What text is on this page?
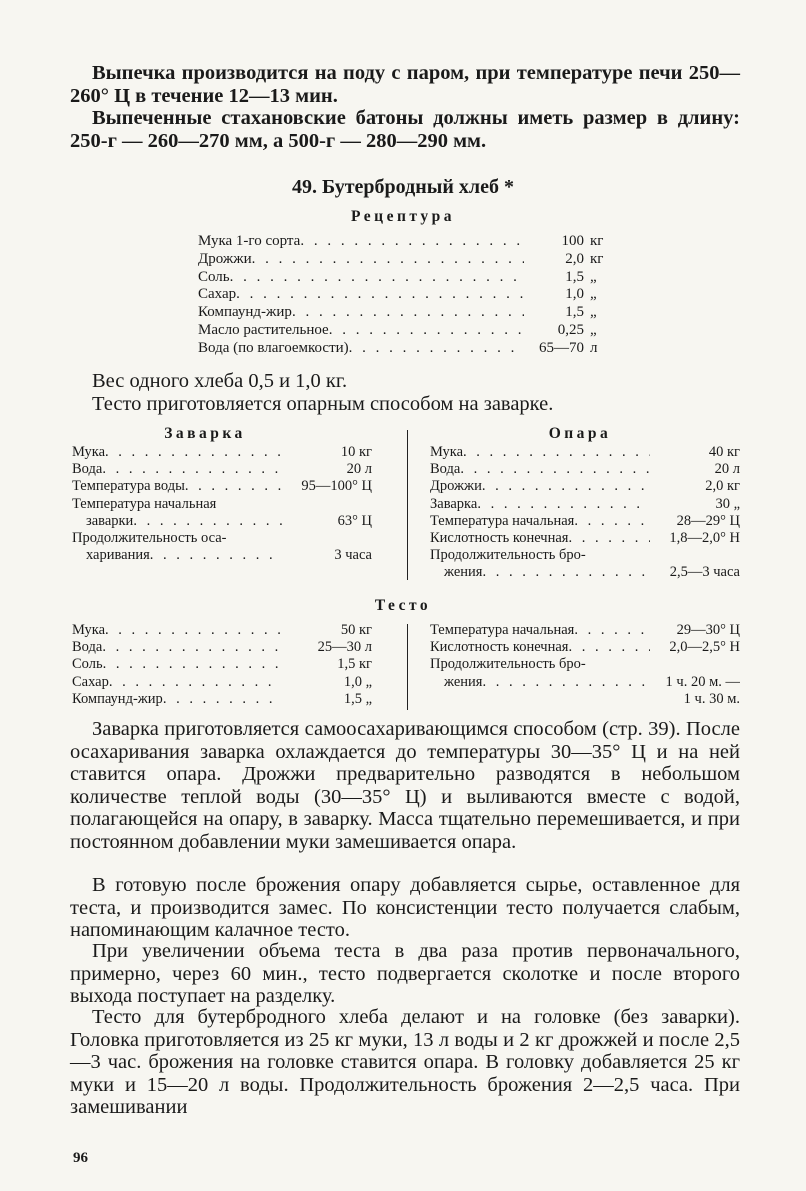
Выпечка производится на поду с паром, при температуре печи 250—260° Ц в течение 12—13 мин.

Выпеченные стахановские батоны должны иметь размер в длину: 250-г — 260—270 мм, а 500-г — 280—290 мм.

49. Бутербродный хлеб *
Рецептура
Мука 1-го сорта . . .	100 кг
Дрожжи . . .	2,0 кг
Соль . . .	1,5 „
Сахар . . .	1,0 „
Компаунд-жир . . .	1,5 „
Масло растительное . . .	0,25 „
Вода (по влагоемкости) . . .	65—70 л

Вес одного хлеба 0,5 и 1,0 кг.

Тесто приготовляется опарным способом на заварке.

Заварка	Опара
Мука . . .	10 кг
Вода . . .	20 л
Температура воды . . .	95—100° Ц
Температура начальная
заварки . . .	63° Ц
Продолжительность оса-
харивания . . .	3 часа
Мука . . .	40 кг
Вода . . .	20 л
Дрожжи . . .	2,0 кг
Заварка . . .	30 „
Температура начальная . . .	28—29° Ц
Кислотность конечная . . .	1,8—2,0° Н
Продолжительность бро-
жения . . .	2,5—3 часа
Тесто
Мука . . .	50 кг
Вода . . .	25—30 л
Соль . . .	1,5 кг
Сахар . . .	1,0 „
Компаунд-жир . . .	1,5 „
Температура начальная . . .	29—30° Ц
Кислотность конечная . . .	2,0—2,5° Н
Продолжительность бро-
жения . . .	1 ч. 20 м. —
1 ч. 30 м.

Заварка приготовляется самоосахаривающимся способом (стр. 39). После осахаривания заварка охлаждается до температуры 30—35° Ц и на ней ставится опара. Дрожжи предварительно разводятся в небольшом количестве теплой воды (30—35° Ц) и выливаются вместе с водой, полагающейся на опару, в заварку. Масса тщательно перемешивается, и при постоянном добавлении муки замешивается опара.

В готовую после брожения опару добавляется сырье, оставленное для теста, и производится замес. По консистенции тесто получается слабым, напоминающим калачное тесто.

При увеличении объема теста в два раза против первоначального, примерно, через 60 мин., тесто подвергается сколотке и после второго выхода поступает на разделку.

Тесто для бутербродного хлеба делают и на головке (без заварки). Головка приготовляется из 25 кг муки, 13 л воды и 2 кг дрожжей и после 2,5—3 час. брожения на головке ставится опара. В головку добавляется 25 кг муки и 15—20 л воды. Продолжительность брожения 2—2,5 часа. При замешивании

96
